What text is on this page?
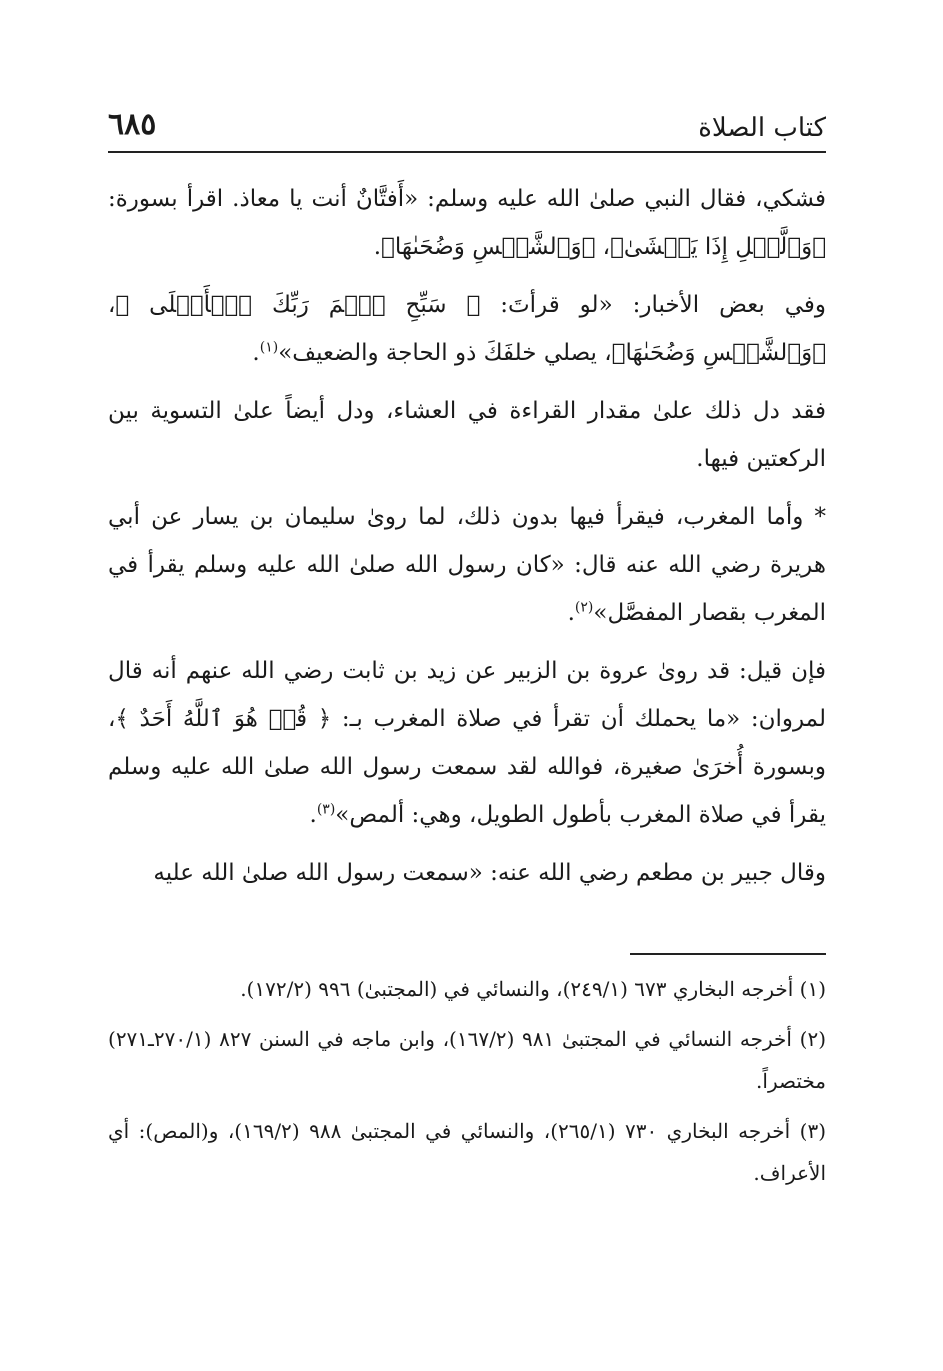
كتاب الصلاة
٦٨٥

فشكي، فقال النبي صلىٰ الله عليه وسلم: «أَفتَّانٌ أنت يا معاذ. اقرأ بسورة: ﴿وَٱلَّيۡلِ إِذَا يَغۡشَىٰ﴾، ﴿وَٱلشَّمۡسِ وَضُحَىٰهَا﴾.

وفي بعض الأخبار: «لو قرأتَ: ﴿ سَبِّحِ ٱسۡمَ رَبِّكَ ٱلۡأَعۡلَى ﴾، ﴿وَٱلشَّمۡسِ وَضُحَىٰهَا﴾، يصلي خلفَكَ ذو الحاجة والضعيف»$^{(١)}$.

فقد دل ذلك علىٰ مقدار القراءة في العشاء، ودل أيضاً علىٰ التسوية بين الركعتين فيها.

* وأما المغرب، فيقرأ فيها بدون ذلك، لما روىٰ سليمان بن يسار عن أبي هريرة رضي الله عنه قال: «كان رسول الله صلىٰ الله عليه وسلم يقرأ في المغرب بقصار المفصَّل»$^{(٢)}$.

فإن قيل: قد روىٰ عروة بن الزبير عن زيد بن ثابت رضي الله عنهم أنه قال لمروان: «ما يحملك أن تقرأ في صلاة المغرب بـ: ﴿ قُلۡ هُوَ ٱللَّهُ أَحَدٌ ﴾، وبسورة أُخرَىٰ صغيرة، فوالله لقد سمعت رسول الله صلىٰ الله عليه وسلم يقرأ في صلاة المغرب بأطول الطويل، وهي: ألمص»$^{(٣)}$.

وقال جبير بن مطعم رضي الله عنه: «سمعت رسول الله صلىٰ الله عليه

(١) أخرجه البخاري ٦٧٣ (٢٤٩/١)، والنسائي في (المجتبىٰ) ٩٩٦ (١٧٢/٢).

(٢) أخرجه النسائي في المجتبىٰ ٩٨١ (١٦٧/٢)، وابن ماجه في السنن ٨٢٧ (٢٧٠/١ـ٢٧١) مختصراً.

(٣) أخرجه البخاري ٧٣٠ (٢٦٥/١)، والنسائي في المجتبىٰ ٩٨٨ (١٦٩/٢)، و(المص): أي الأعراف.
